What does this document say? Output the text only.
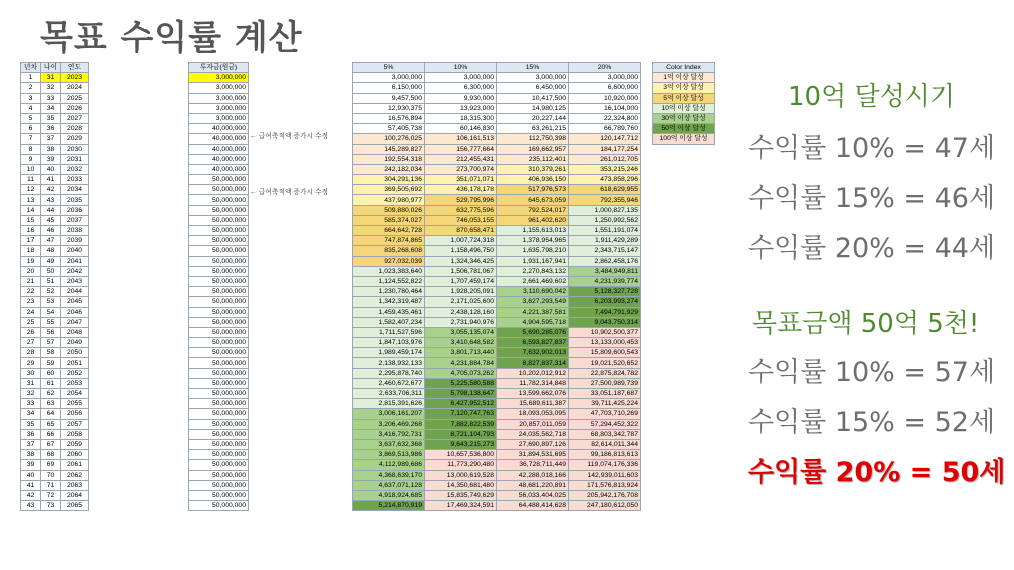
목표 수익률 계산
년차	나이	연도
1	31	2023
2	32	2024
3	33	2025
4	34	2026
5	35	2027
6	36	2028
7	37	2029
8	38	2030
9	39	2031
10	40	2032
11	41	2033
12	42	2034
13	43	2035
14	44	2036
15	45	2037
16	46	2038
17	47	2039
18	48	2040
19	49	2041
20	50	2042
21	51	2043
22	52	2044
23	53	2045
24	54	2046
25	55	2047
26	56	2048
27	57	2049
28	58	2050
29	59	2051
30	60	2052
31	61	2053
32	62	2054
33	63	2055
34	64	2056
35	65	2057
36	66	2058
37	67	2059
38	68	2060
39	69	2061
40	70	2062
41	71	2063
42	72	2064
43	73	2065
투자금(원금)
3,000,000
3,000,000
3,000,000
3,000,000
3,000,000
40,000,000
40,000,000
40,000,000
40,000,000
40,000,000
50,000,000
50,000,000
50,000,000
50,000,000
50,000,000
50,000,000
50,000,000
50,000,000
50,000,000
50,000,000
50,000,000
50,000,000
50,000,000
50,000,000
50,000,000
50,000,000
50,000,000
50,000,000
50,000,000
50,000,000
50,000,000
50,000,000
50,000,000
50,000,000
50,000,000
50,000,000
50,000,000
50,000,000
50,000,000
50,000,000
50,000,000
50,000,000
50,000,000
← 급여축적액 증가시 수정
← 급여축적액 증가시 수정
5%	10%	15%	20%
3,000,000	3,000,000	3,000,000	3,000,000
6,150,000	6,300,000	6,450,000	6,600,000
9,457,500	9,930,000	10,417,500	10,920,000
12,930,375	13,923,000	14,980,125	16,104,000
16,576,894	18,315,300	20,227,144	22,324,800
57,405,738	60,146,830	63,261,215	66,789,760
100,276,025	106,161,513	112,750,398	120,147,712
145,289,827	156,777,664	169,662,957	184,177,254
192,554,318	212,455,431	235,112,401	261,012,705
242,182,034	273,700,974	310,379,261	353,215,246
304,291,136	351,071,071	406,936,150	473,858,296
369,505,692	436,178,178	517,976,573	618,629,955
437,980,977	529,795,996	645,673,059	792,355,946
509,880,026	632,775,596	792,524,017	1,000,827,135
585,374,027	746,053,155	961,402,620	1,250,992,562
664,642,728	870,658,471	1,155,613,013	1,551,191,074
747,874,865	1,007,724,318	1,378,954,965	1,911,429,289
835,268,608	1,158,496,750	1,635,798,210	2,343,715,147
927,032,039	1,324,346,425	1,931,167,941	2,862,458,176
1,023,383,640	1,506,781,067	2,270,843,132	3,484,949,811
1,124,552,822	1,707,459,174	2,661,469,602	4,231,939,774
1,230,780,464	1,928,205,091	3,110,690,042	5,128,327,728
1,342,319,487	2,171,025,600	3,627,293,549	6,203,993,274
1,459,435,461	2,438,128,160	4,221,387,581	7,494,791,929
1,582,407,234	2,731,940,976	4,904,595,718	9,043,750,314
1,711,527,596	3,055,135,074	5,690,285,076	10,902,500,377
1,847,103,976	3,410,648,582	6,593,827,837	13,133,000,453
1,989,459,174	3,801,713,440	7,632,902,013	15,809,600,543
2,138,932,133	4,231,884,784	8,827,837,314	19,021,520,652
2,295,878,740	4,705,073,262	10,202,012,912	22,875,824,782
2,460,672,677	5,225,580,588	11,782,314,848	27,500,989,739
2,633,706,311	5,798,138,647	13,599,662,076	33,051,187,687
2,815,391,626	6,427,952,512	15,689,611,387	39,711,425,224
3,006,161,207	7,120,747,763	18,093,053,095	47,703,710,269
3,206,469,268	7,882,822,539	20,857,011,059	57,294,452,322
3,416,792,731	8,721,104,793	24,035,562,718	68,803,342,787
3,637,632,368	9,643,215,273	27,690,897,126	82,614,011,344
3,869,513,986	10,657,536,800	31,894,531,695	99,186,813,613
4,112,989,686	11,773,290,480	36,728,711,449	119,074,176,336
4,368,639,170	13,000,619,528	42,288,018,166	142,939,011,603
4,637,071,128	14,350,681,480	48,681,220,891	171,576,813,924
4,918,924,685	15,835,749,629	56,033,404,025	205,942,176,708
5,214,870,919	17,469,324,591	64,488,414,628	247,180,612,050
Color Index
1억 이상 달성
3억 이상 달성
5억 이상 달성
10억 이상 달성
30억 이상 달성
50억 이상 달성
100억 이상 달성
10억 달성시기
수익률 10% = 47세
수익률 15% = 46세
수익률 20% = 44세
목표금액 50억 5천!
수익률 10% = 57세
수익률 15% = 52세
수익률 20% = 50세
